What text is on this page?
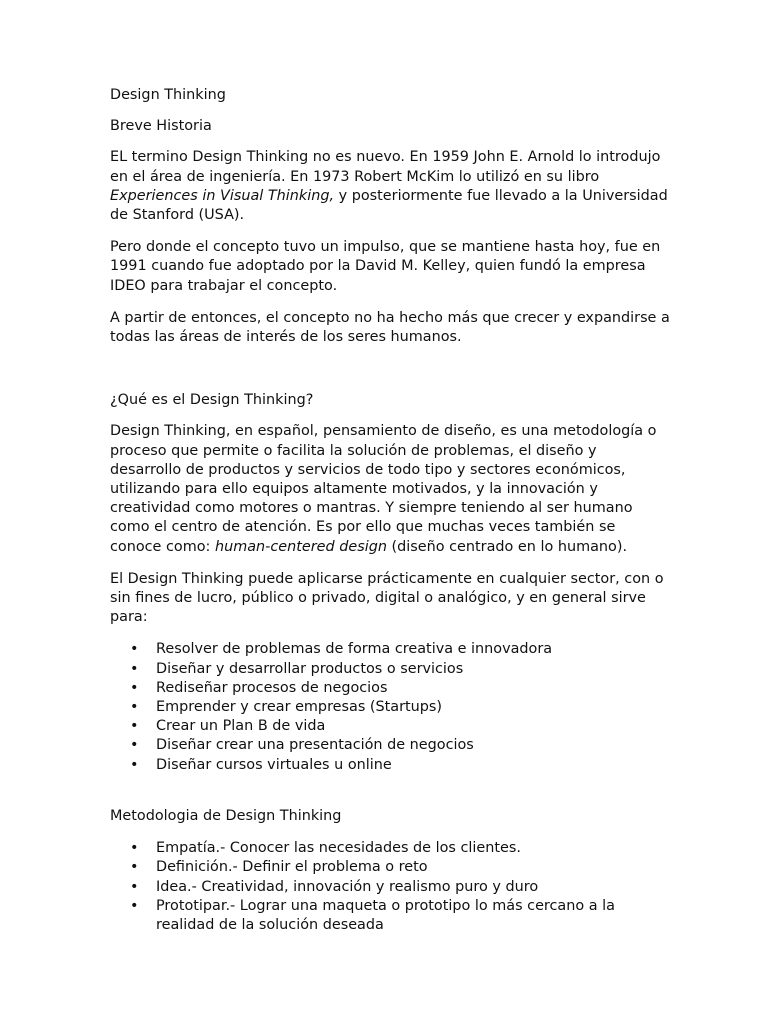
Design Thinking

Breve Historia

EL termino Design Thinking no es nuevo. En 1959 John E. Arnold lo introdujo en el área de ingeniería. En 1973 Robert McKim lo utilizó en su libro Experiences in Visual Thinking, y posteriormente fue llevado a la Universidad de Stanford (USA).

Pero donde el concepto tuvo un impulso, que se mantiene hasta hoy, fue en 1991 cuando fue adoptado por la David M. Kelley, quien fundó la empresa IDEO para trabajar el concepto.

A partir de entonces, el concepto no ha hecho más que crecer y expandirse a todas las áreas de interés de los seres humanos.

¿Qué es el Design Thinking?

Design Thinking, en español, pensamiento de diseño, es una metodología o proceso que permite o facilita la solución de problemas, el diseño y desarrollo de productos y servicios de todo tipo y sectores económicos, utilizando para ello equipos altamente motivados, y la innovación y creatividad como motores o mantras. Y siempre teniendo al ser humano como el centro de atención. Es por ello que muchas veces también se conoce como: human-centered design (diseño centrado en lo humano).

El Design Thinking puede aplicarse prácticamente en cualquier sector, con o sin fines de lucro, público o privado, digital o analógico, y en general sirve para:

• Resolver de problemas de forma creativa e innovadora
• Diseñar y desarrollar productos o servicios
• Rediseñar procesos de negocios
• Emprender y crear empresas (Startups)
• Crear un Plan B de vida
• Diseñar crear una presentación de negocios
• Diseñar cursos virtuales u online

Metodologia de Design Thinking

• Empatía.- Conocer las necesidades de los clientes.
• Definición.- Definir el problema o reto
• Idea.- Creatividad, innovación y realismo puro y duro
• Prototipar.- Lograr una maqueta o prototipo lo más cercano a la realidad de la solución deseada
